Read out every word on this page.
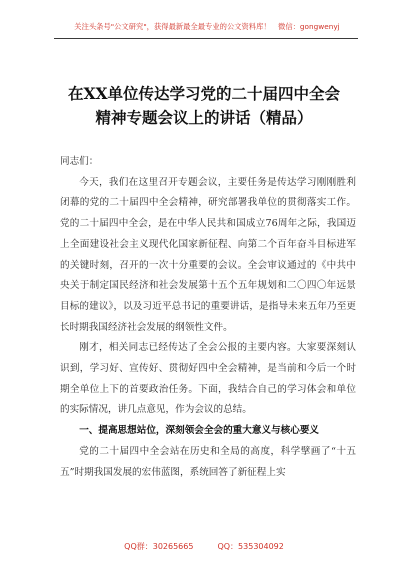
关注头条号"公文研究"，获得最新最全最专业的公文资料库！　微信：gongwenyj
在XX单位传达学习党的二十届四中全会
精神专题会议上的讲话（精品）

同志们：

今天，我们在这里召开专题会议，主要任务是传达学习刚刚胜利闭幕的党的二十届四中全会精神，研究部署我单位的贯彻落实工作。党的二十届四中全会，是在中华人民共和国成立76周年之际，我国迈上全面建设社会主义现代化国家新征程、向第二个百年奋斗目标进军的关键时刻，召开的一次十分重要的会议。全会审议通过的《中共中央关于制定国民经济和社会发展第十五个五年规划和二〇四〇年远景目标的建议》，以及习近平总书记的重要讲话，是指导未来五年乃至更长时期我国经济社会发展的纲领性文件。

刚才，相关同志已经传达了全会公报的主要内容。大家要深刻认识到，学习好、宣传好、贯彻好四中全会精神，是当前和今后一个时期全单位上下的首要政治任务。下面，我结合自己的学习体会和单位的实际情况，讲几点意见，作为会议的总结。

一、提高思想站位，深刻领会全会的重大意义与核心要义

党的二十届四中全会站在历史和全局的高度，科学擘画了“十五五”时期我国发展的宏伟蓝图，系统回答了新征程上实

QQ群：30265665　　　QQ：535304092
